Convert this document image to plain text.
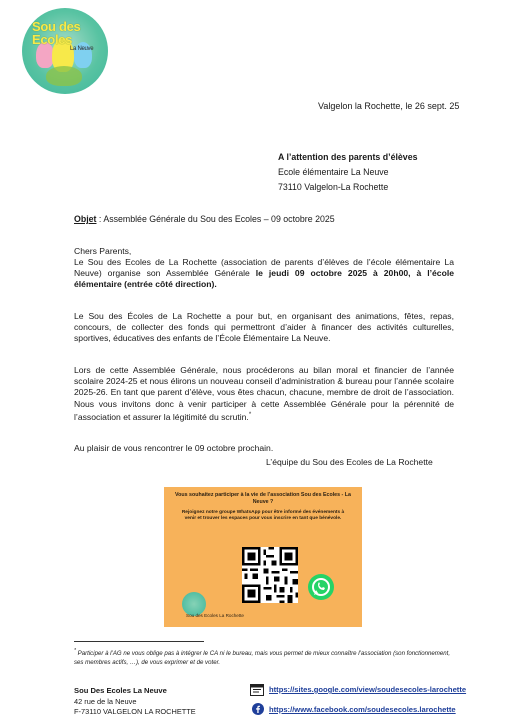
Sou des Ecoles
La Neuve
Valgelon la Rochette, le 26 sept. 25
A l’attention des parents d’élèves
Ecole élémentaire La Neuve
73110 Valgelon-La Rochette
Objet : Assemblée Générale du Sou des Ecoles – 09 octobre 2025
Chers Parents,
Le Sou des Ecoles de La Rochette (association de parents d’élèves de l’école élémentaire La Neuve) organise son Assemblée Générale le jeudi 09 octobre 2025 à 20h00, à l’école élémentaire (entrée côté direction).
Le Sou des Écoles de La Rochette a pour but, en organisant des animations, fêtes, repas, concours, de collecter des fonds qui permettront d’aider à financer des activités culturelles, sportives, éducatives des enfants de l’École Élémentaire La Neuve.
Lors de cette Assemblée Générale, nous procéderons au bilan moral et financier de l’année scolaire 2024-25 et nous élirons un nouveau conseil d’administration & bureau pour l’année scolaire 2025-26. En tant que parent d’élève, vous êtes chacun, chacune, membre de droit de l’association. Nous vous invitons donc à venir participer à cette Assemblée Générale pour la pérennité de l’association et assurer la légitimité du scrutin.*
Au plaisir de vous rencontrer le 09 octobre prochain.
L’équipe du Sou des Ecoles de La Rochette
Vous souhaitez participer à la vie de l’association Sou des Ecoles - La Neuve ?
Rejoignez notre groupe WhatsApp pour être informé des événements à venir et trouver les espaces pour vous inscrire en tant que bénévole.
Sou des Ecoles La Rochette
* Participer à l’AG ne vous oblige pas à intégrer le CA ni le bureau, mais vous permet de mieux connaître l’association (son fonctionnement, ses membres actifs, …), de vous exprimer et de voter.
Sou Des Ecoles La Neuve
42 rue de la Neuve
F-73110 VALGELON LA ROCHETTE
https://sites.google.com/view/soudesecoles-larochette
https://www.facebook.com/soudesecoles.larochette
